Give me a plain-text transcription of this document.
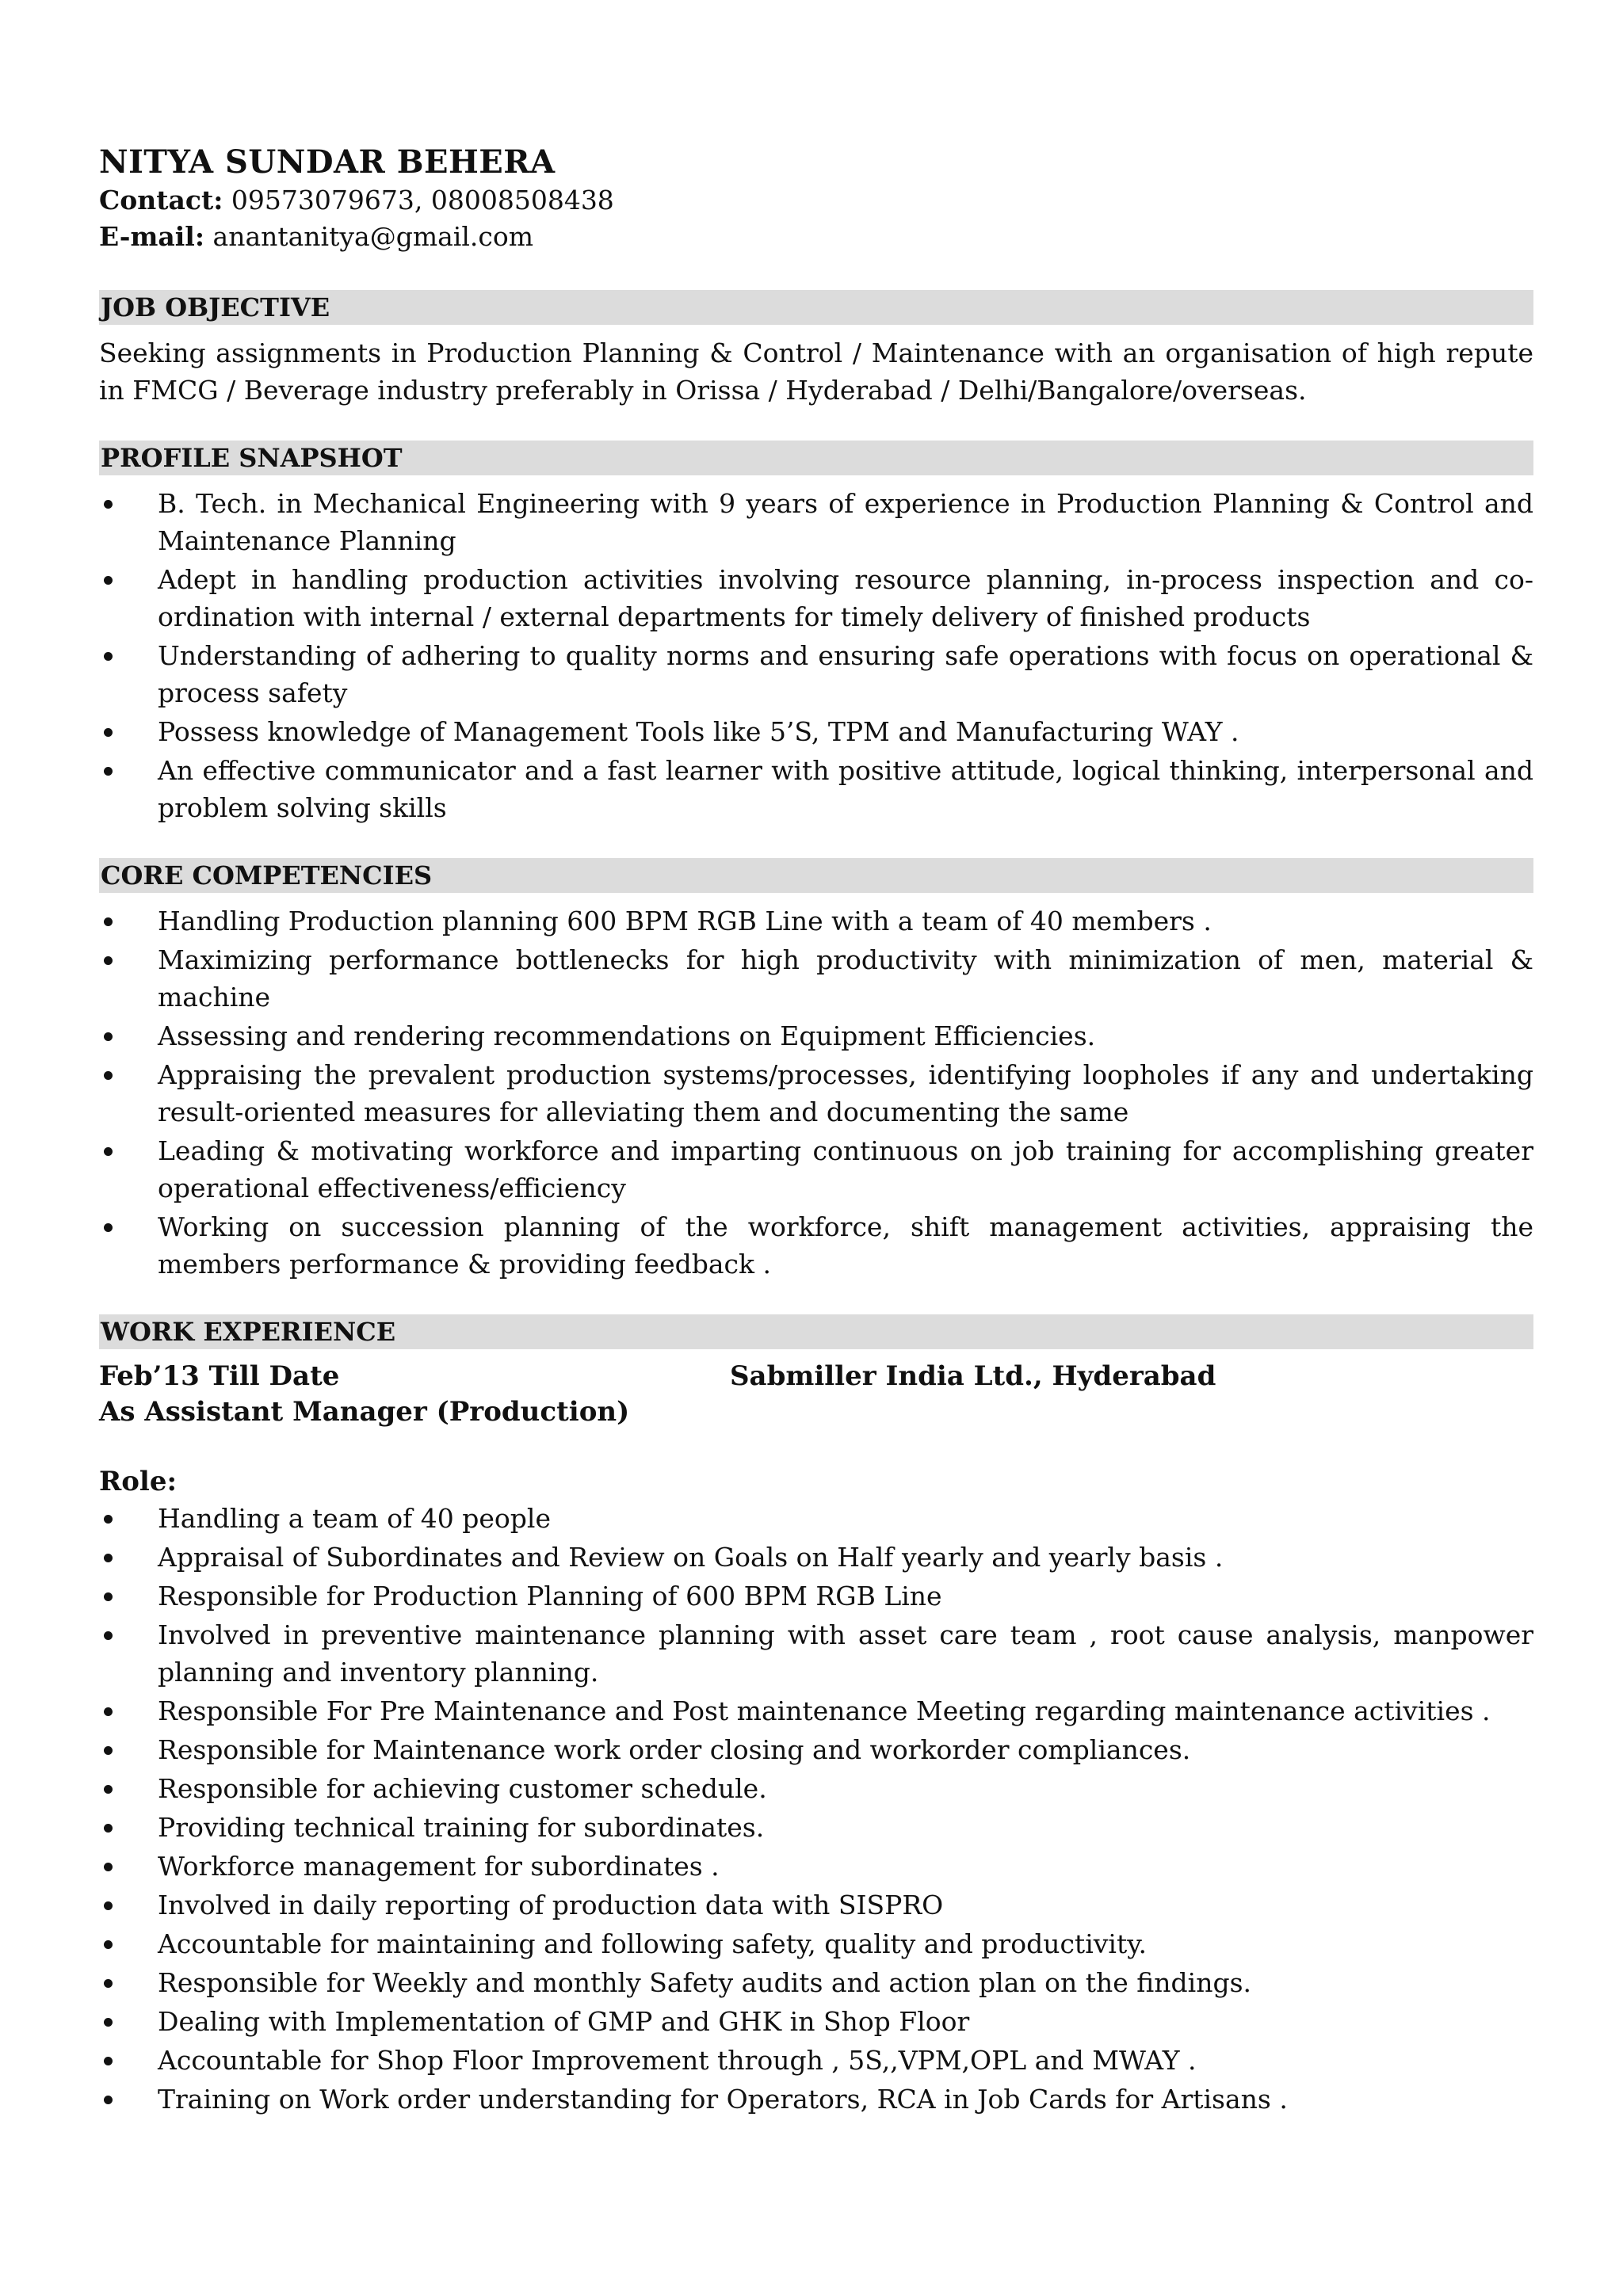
NITYA SUNDAR BEHERA
Contact: 09573079673, 08008508438
E-mail: anantanitya@gmail.com
JOB OBJECTIVE
Seeking assignments in Production Planning & Control / Maintenance with an organisation of high repute in FMCG / Beverage industry preferably in Orissa / Hyderabad / Delhi/Bangalore/overseas.
PROFILE SNAPSHOT
B. Tech. in Mechanical Engineering with 9 years of experience in Production Planning & Control and Maintenance Planning
Adept in handling production activities involving resource planning, in-process inspection and co-ordination with internal / external departments for timely delivery of finished products
Understanding of adhering to quality norms and ensuring safe operations with focus on operational & process safety
Possess knowledge of Management Tools like 5’S, TPM and Manufacturing WAY .
An effective communicator and a fast learner with positive attitude, logical thinking, interpersonal and problem solving skills
CORE COMPETENCIES
Handling Production planning 600 BPM RGB Line with a team of 40 members .
Maximizing performance bottlenecks for high productivity with minimization of men, material & machine
Assessing and rendering recommendations on Equipment Efficiencies.
Appraising the prevalent production systems/processes, identifying loopholes if any and undertaking result-oriented measures for alleviating them and documenting the same
Leading & motivating workforce and imparting continuous on job training for accomplishing greater operational effectiveness/efficiency
Working on succession planning of the workforce, shift management activities, appraising the members performance & providing feedback .
WORK EXPERIENCE
Feb’13 Till Date	Sabmiller India Ltd., Hyderabad
As Assistant Manager (Production)
Role:
Handling a team of 40 people
Appraisal of Subordinates and Review on Goals on Half yearly and yearly basis .
Responsible for Production Planning of 600 BPM RGB Line
Involved in preventive maintenance planning with asset care team , root cause analysis, manpower planning and inventory planning.
Responsible For Pre Maintenance and Post maintenance Meeting regarding maintenance activities .
Responsible for Maintenance work order closing and workorder compliances.
Responsible for achieving customer schedule.
Providing technical training for subordinates.
Workforce management for subordinates .
Involved in daily reporting of production data with SISPRO
Accountable for maintaining and following safety, quality and productivity.
Responsible for Weekly and monthly Safety audits and action plan on the findings.
Dealing with Implementation of GMP and GHK in Shop Floor
Accountable for Shop Floor Improvement through , 5S,,VPM,OPL and MWAY .
Training on Work order understanding for Operators, RCA in Job Cards for Artisans .
